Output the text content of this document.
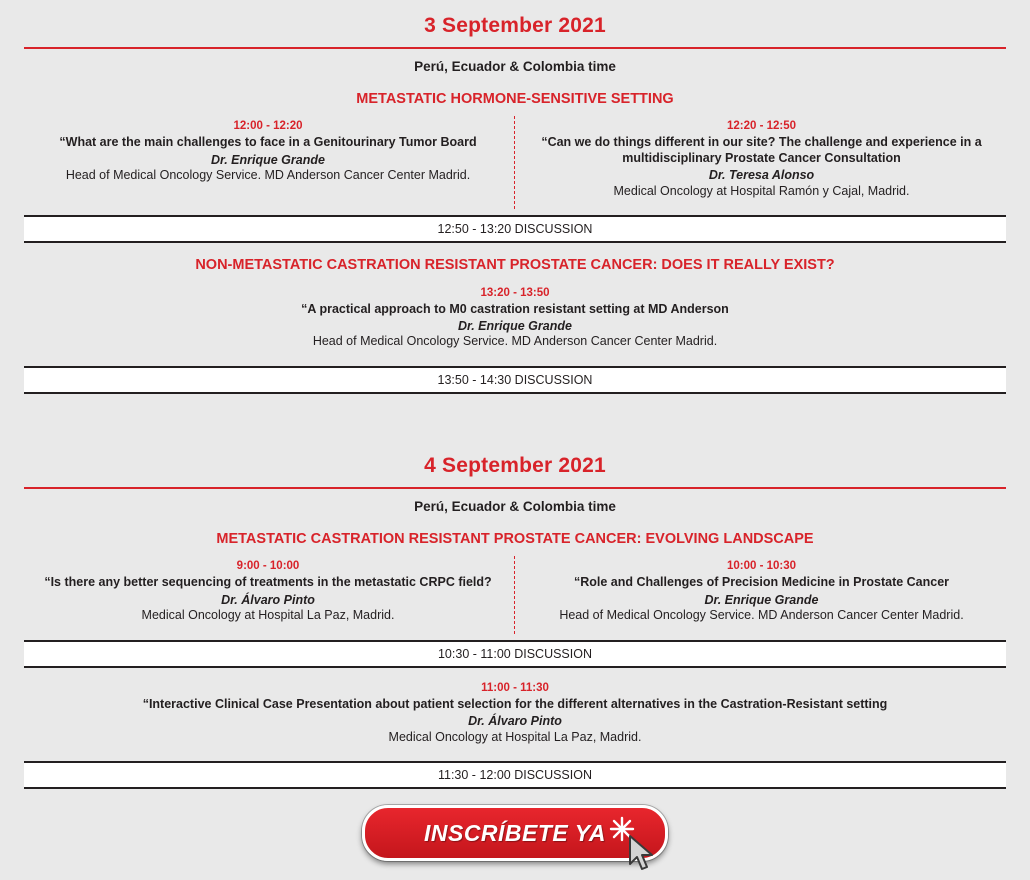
3 September 2021
Perú, Ecuador & Colombia time
METASTATIC HORMONE-SENSITIVE SETTING
12:00 - 12:20
“What are the main challenges to face in a Genitourinary Tumor Board
Dr. Enrique Grande
Head of Medical Oncology Service. MD Anderson Cancer Center Madrid.
12:20 - 12:50
“Can we do things different in our site? The challenge and experience in a multidisciplinary Prostate Cancer Consultation
Dr. Teresa Alonso
Medical Oncology at Hospital Ramón y Cajal, Madrid.
12:50 - 13:20 DISCUSSION
NON-METASTATIC CASTRATION RESISTANT PROSTATE CANCER: DOES IT REALLY EXIST?
13:20 - 13:50
“A practical approach to M0 castration resistant setting at MD Anderson
Dr. Enrique Grande
Head of Medical Oncology Service. MD Anderson Cancer Center Madrid.
13:50 - 14:30 DISCUSSION
4 September 2021
Perú, Ecuador & Colombia time
METASTATIC CASTRATION RESISTANT PROSTATE CANCER: EVOLVING LANDSCAPE
9:00 - 10:00
“Is there any better sequencing of treatments in the metastatic CRPC field?
Dr. Álvaro Pinto
Medical Oncology at Hospital La Paz, Madrid.
10:00 - 10:30
“Role and Challenges of Precision Medicine in Prostate Cancer
Dr. Enrique Grande
Head of Medical Oncology Service. MD Anderson Cancer Center Madrid.
10:30 - 11:00 DISCUSSION
11:00 - 11:30
“Interactive Clinical Case Presentation about patient selection for the different alternatives in the Castration-Resistant setting
Dr. Álvaro Pinto
Medical Oncology at Hospital La Paz, Madrid.
11:30 - 12:00 DISCUSSION
INSCRÍBETE YA
